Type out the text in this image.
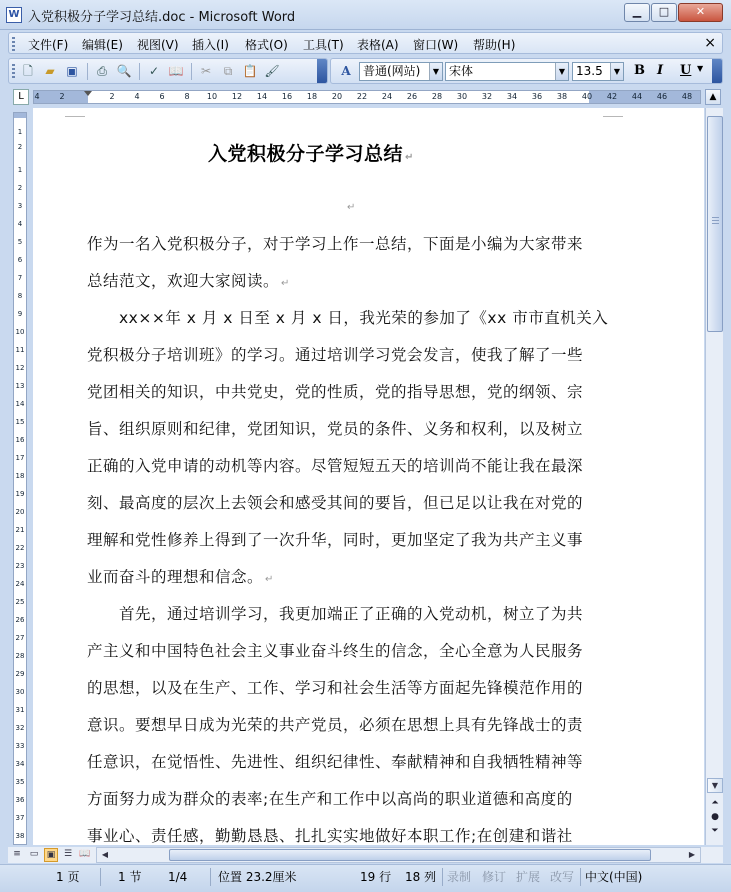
W 入党积极分子学习总结.doc - Microsoft Word	▁	□	✕
文件(F) 编辑(E) 视图(V) 插入(I) 格式(O) 工具(T) 表格(A) 窗口(W) 帮助(H)	×
🗋	▰ ▣	⎙ 🔍	✓ 📖	✂	⧉ 📋 🖌	A	普通(网站)	▼ 宋体	▼ 13.5	▼ B I U ▼
L	4 2	2 4 6 8 10 12 14 16 18 20 22 24 26 28 30 32 34 36 38 40 42 44 46 48	▲
1
2
1
2
3
4
5
6
7
8
9
10
11
12
13
14
15
16
17
18
19
20
21
22
23
24
25
26
27
28
29
30
31
32
33
34
35
36
37
38
入党积极分子学习总结 ↵
↵
作为一名入党积极分子，对于学习上作一总结，下面是小编为大家带来
总结范文，欢迎大家阅读。 ↵
　　xx××年 x 月 x 日至 x 月 x 日，我光荣的参加了《xx 市市直机关入
党积极分子培训班》的学习。通过培训学习党会发言，使我了解了一些
党团相关的知识，中共党史，党的性质，党的指导思想，党的纲领、宗
旨、组织原则和纪律，党团知识，党员的条件、义务和权利，以及树立
正确的入党申请的动机等内容。尽管短短五天的培训尚不能让我在最深
刻、最高度的层次上去领会和感受其间的要旨，但已足以让我在对党的
理解和党性修养上得到了一次升华，同时，更加坚定了我为共产主义事
业而奋斗的理想和信念。 ↵
　　首先，通过培训学习，我更加端正了正确的入党动机，树立了为共
产主义和中国特色社会主义事业奋斗终生的信念，全心全意为人民服务
的思想，以及在生产、工作、学习和社会生活等方面起先锋模范作用的
意识。要想早日成为光荣的共产党员，必须在思想上具有先锋战士的责
任意识，在觉悟性、先进性、组织纪律性、奉献精神和自我牺牲精神等
方面努力成为群众的表率;在生产和工作中以高尚的职业道德和高度的
事业心、责任感，勤勤恳恳、扎扎实实地做好本职工作;在创建和谐社
▼
⏶
●
⏷
≡ ▭ ▣ ☰ 📖	◀	▶
1 页	1 节 1/4	位置 23.2厘米	19 行 18 列 录制 修订 扩展 改写 中文(中国)
